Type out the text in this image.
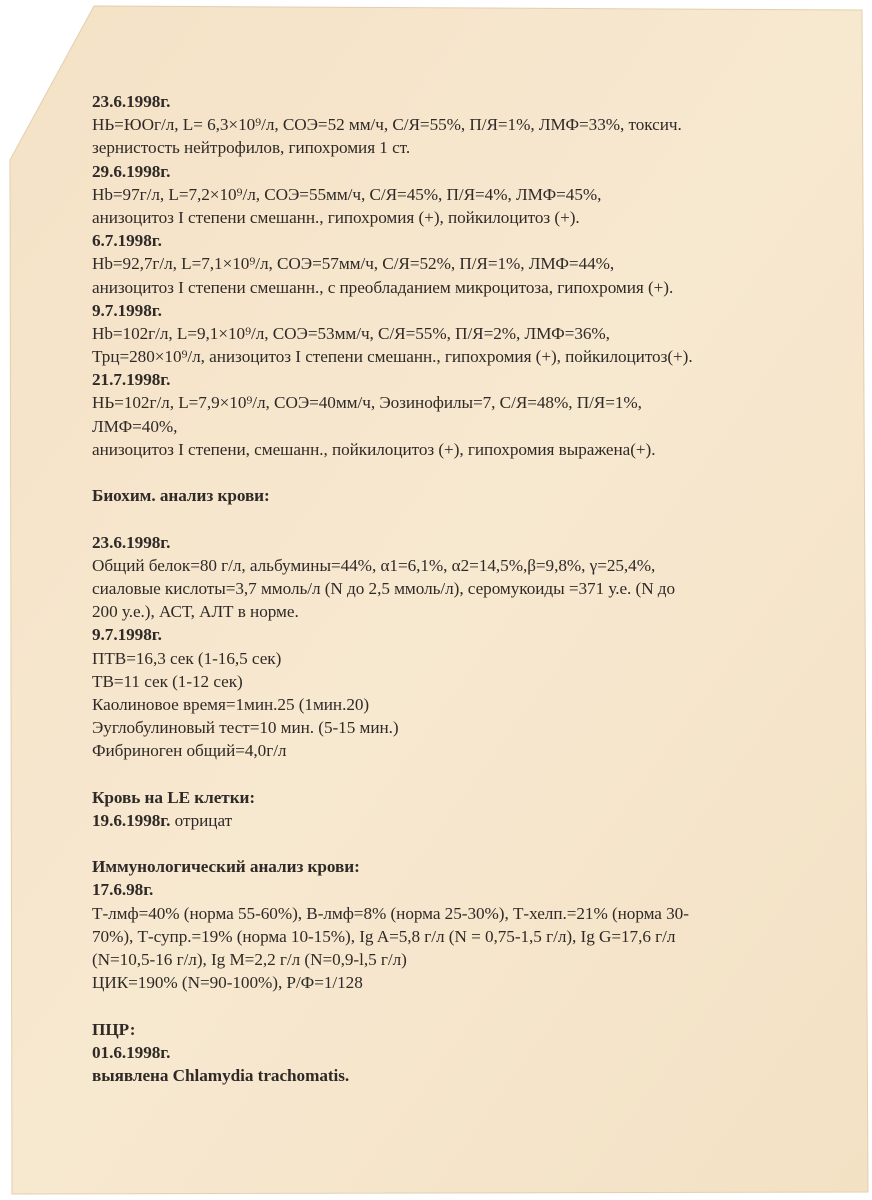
23.6.1998г.
НЬ=ЮОг/л, L= 6,3×10⁹/л, СОЭ=52 мм/ч, С/Я=55%, П/Я=1%, ЛМФ=33%, токсич.
зернистость нейтрофилов, гипохромия 1 ст.
29.6.1998г.
Hb=97г/л, L=7,2×10⁹/л, СОЭ=55мм/ч, С/Я=45%, П/Я=4%, ЛМФ=45%,
анизоцитоз I степени смешанн., гипохромия (+), пойкилоцитоз (+).
6.7.1998г.
Hb=92,7г/л, L=7,1×10⁹/л, СОЭ=57мм/ч, С/Я=52%, П/Я=1%, ЛМФ=44%,
анизоцитоз I степени смешанн., с преобладанием микроцитоза, гипохромия (+).
9.7.1998г.
Hb=102г/л, L=9,1×10⁹/л, СОЭ=53мм/ч, С/Я=55%, П/Я=2%, ЛМФ=36%,
Трц=280×10⁹/л, анизоцитоз I степени смешанн., гипохромия (+), пойкилоцитоз(+).
21.7.1998г.
НЬ=102г/л, L=7,9×10⁹/л, СОЭ=40мм/ч, Эозинофилы=7, С/Я=48%, П/Я=1%,
ЛМФ=40%,
анизоцитоз I степени, смешанн., пойкилоцитоз (+), гипохромия выражена(+).
Биохим. анализ крови:
23.6.1998г.
Общий белок=80 г/л, альбумины=44%, α1=6,1%, α2=14,5%,β=9,8%, γ=25,4%,
сиаловые кислоты=3,7 ммоль/л (N до 2,5 ммоль/л), серомукоиды =371 у.е. (N до
200 у.е.), АСТ, АЛТ в норме.
9.7.1998г.
ПТВ=16,3 сек (1-16,5 сек)
ТВ=11 сек (1-12 сек)
Каолиновое время=1мин.25 (1мин.20)
Эуглобулиновый тест=10 мин. (5-15 мин.)
Фибриноген общий=4,0г/л
Кровь на LE клетки:
19.6.1998г. отрицат
Иммунологический анализ крови:
17.6.98г.
Т-лмф=40% (норма 55-60%), В-лмф=8% (норма 25-30%), Т-хелп.=21% (норма 30-
70%), Т-супр.=19% (норма 10-15%), Ig A=5,8 г/л (N = 0,75-1,5 г/л), Ig G=17,6 г/л
(N=10,5-16 г/л), Ig M=2,2 г/л (N=0,9-l,5 г/л)
ЦИК=190% (N=90-100%), Р/Ф=1/128
ПЦР:
01.6.1998г.
выявлена Chlamydia trachomatis.
